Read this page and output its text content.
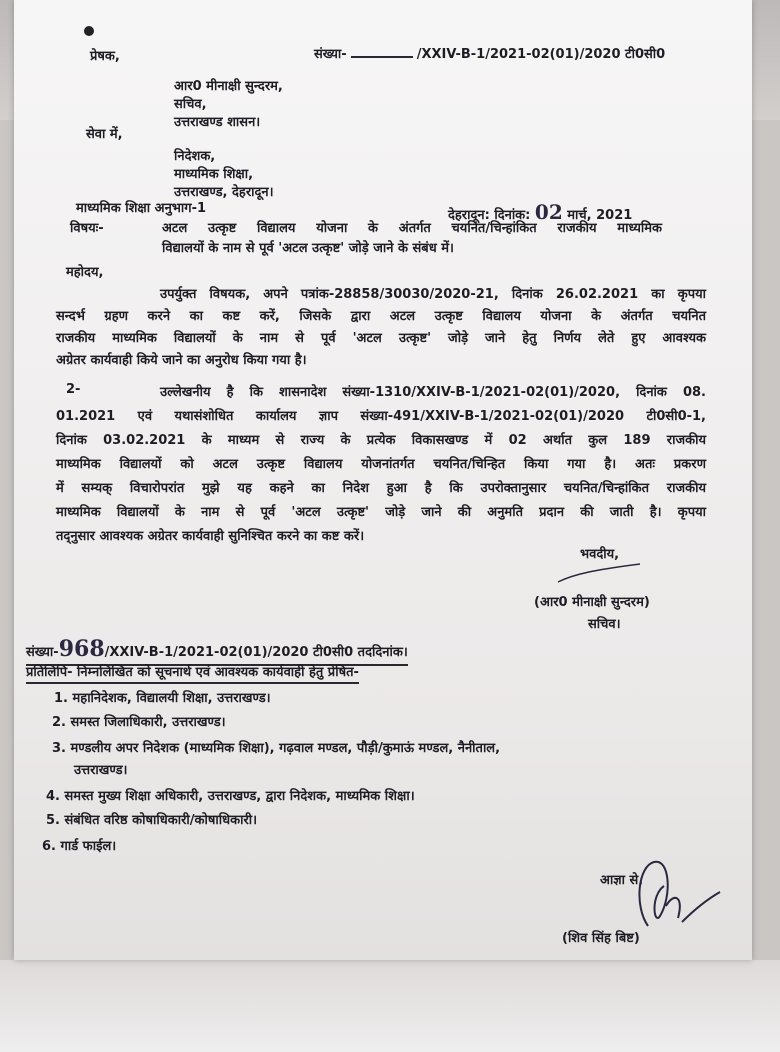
प्रेषक,	संख्या-	/XXIV-B-1/2021-02(01)/2020 टी0सी0
आर0 मीनाक्षी सुन्दरम,
सचिव,
उत्तराखण्ड शासन।
सेवा में,
निदेशक,
माध्यमिक शिक्षा,
उत्तराखण्ड, देहरादून।
माध्यमिक शिक्षा अनुभाग-1	देहरादून: दिनांक: 02 मार्च, 2021
विषयः-	अटल उत्कृष्ट विद्यालय योजना के अंतर्गत चयनित/चिन्हांकित राजकीय माध्यमिक
विद्यालयों के नाम से पूर्व 'अटल उत्कृष्ट' जोड़े जाने के संबंध में।
महोदय,
उपर्युक्त विषयक, अपने पत्रांक-28858/30030/2020-21, दिनांक 26.02.2021 का कृपया
सन्दर्भ ग्रहण करने का कष्ट करें, जिसके द्वारा अटल उत्कृष्ट विद्यालय योजना के अंतर्गत चयनित
राजकीय माध्यमिक विद्यालयों के नाम से पूर्व 'अटल उत्कृष्ट' जोड़े जाने हेतु निर्णय लेते हुए आवश्यक
अग्रेतर कार्यवाही किये जाने का अनुरोध किया गया है।
2-	उल्लेखनीय है कि शासनादेश संख्या-1310/XXIV-B-1/2021-02(01)/2020, दिनांक 08.
01.2021 एवं यथासंशोधित कार्यालय ज्ञाप संख्या-491/XXIV-B-1/2021-02(01)/2020 टी0सी0-1,
दिनांक 03.02.2021 के माध्यम से राज्य के प्रत्येक विकासखण्ड में 02 अर्थात कुल 189 राजकीय
माध्यमिक विद्यालयों को अटल उत्कृष्ट विद्यालय योजनांतर्गत चयनित/चिन्हित किया गया है। अतः प्रकरण
में सम्यक् विचारोपरांत मुझे यह कहने का निदेश हुआ है कि उपरोक्तानुसार चयनित/चिन्हांकित राजकीय
माध्यमिक विद्यालयों के नाम से पूर्व 'अटल उत्कृष्ट' जोड़े जाने की अनुमति प्रदान की जाती है। कृपया
तद्नुसार आवश्यक अग्रेतर कार्यवाही सुनिश्चित करने का कष्ट करें।
भवदीय,
(आर0 मीनाक्षी सुन्दरम)
सचिव।
संख्या-968/XXIV-B-1/2021-02(01)/2020 टी0सी0 तददिनांक।
प्रतिलिपि- निम्नलिखित को सूचनार्थ एवं आवश्यक कार्यवाही हेतु प्रेषित-
1. महानिदेशक, विद्यालयी शिक्षा, उत्तराखण्ड।
2. समस्त जिलाधिकारी, उत्तराखण्ड।
3. मण्डलीय अपर निदेशक (माध्यमिक शिक्षा), गढ़वाल मण्डल, पौड़ी/कुमाऊं मण्डल, नैनीताल,
उत्तराखण्ड।
4. समस्त मुख्य शिक्षा अधिकारी, उत्तराखण्ड, द्वारा निदेशक, माध्यमिक शिक्षा।
5. संबंधित वरिष्ठ कोषाधिकारी/कोषाधिकारी।
6. गार्ड फाईल।
आज्ञा से,
(शिव सिंह बिष्ट)
